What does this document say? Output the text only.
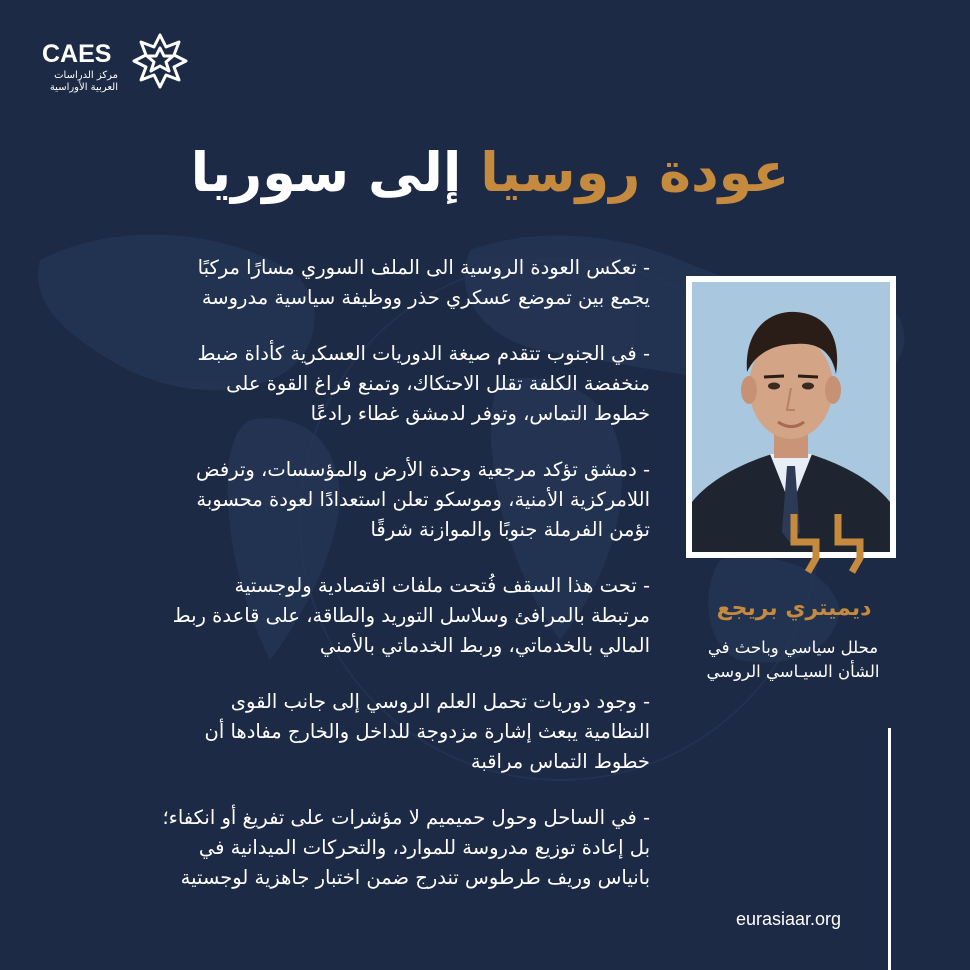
CAES
مركز الدراسات
العربية الأوراسية
عودة روسيا إلى سوريا

- تعكس العودة الروسية الى الملف السوري مسارًا مركبًا
يجمع بين تموضع عسكري حذر ووظيفة سياسية مدروسة

- في الجنوب تتقدم صيغة الدوريات العسكرية كأداة ضبط
منخفضة الكلفة تقلل الاحتكاك، وتمنع فراغ القوة على
خطوط التماس، وتوفر لدمشق غطاء رادعًا

- دمشق تؤكد مرجعية وحدة الأرض والمؤسسات، وترفض
اللامركزية الأمنية، وموسكو تعلن استعدادًا لعودة محسوبة
تؤمن الفرملة جنوبًا والموازنة شرقًا

- تحت هذا السقف فُتحت ملفات اقتصادية ولوجستية
مرتبطة بالمرافئ وسلاسل التوريد والطاقة، على قاعدة ربط
المالي بالخدماتي، وربط الخدماتي بالأمني

- وجود دوريات تحمل العلم الروسي إلى جانب القوى
النظامية يبعث إشارة مزدوجة للداخل والخارج مفادها أن
خطوط التماس مراقبة

- في الساحل وحول حميميم لا مؤشرات على تفريغ أو انكفاء؛
بل إعادة توزيع مدروسة للموارد، والتحركات الميدانية في
بانياس وريف طرطوس تندرج ضمن اختبار جاهزية لوجستية

ديميتري بريجع
محلل سياسي وباحث في
الشأن السيـاسي الروسي
eurasiaar.org
